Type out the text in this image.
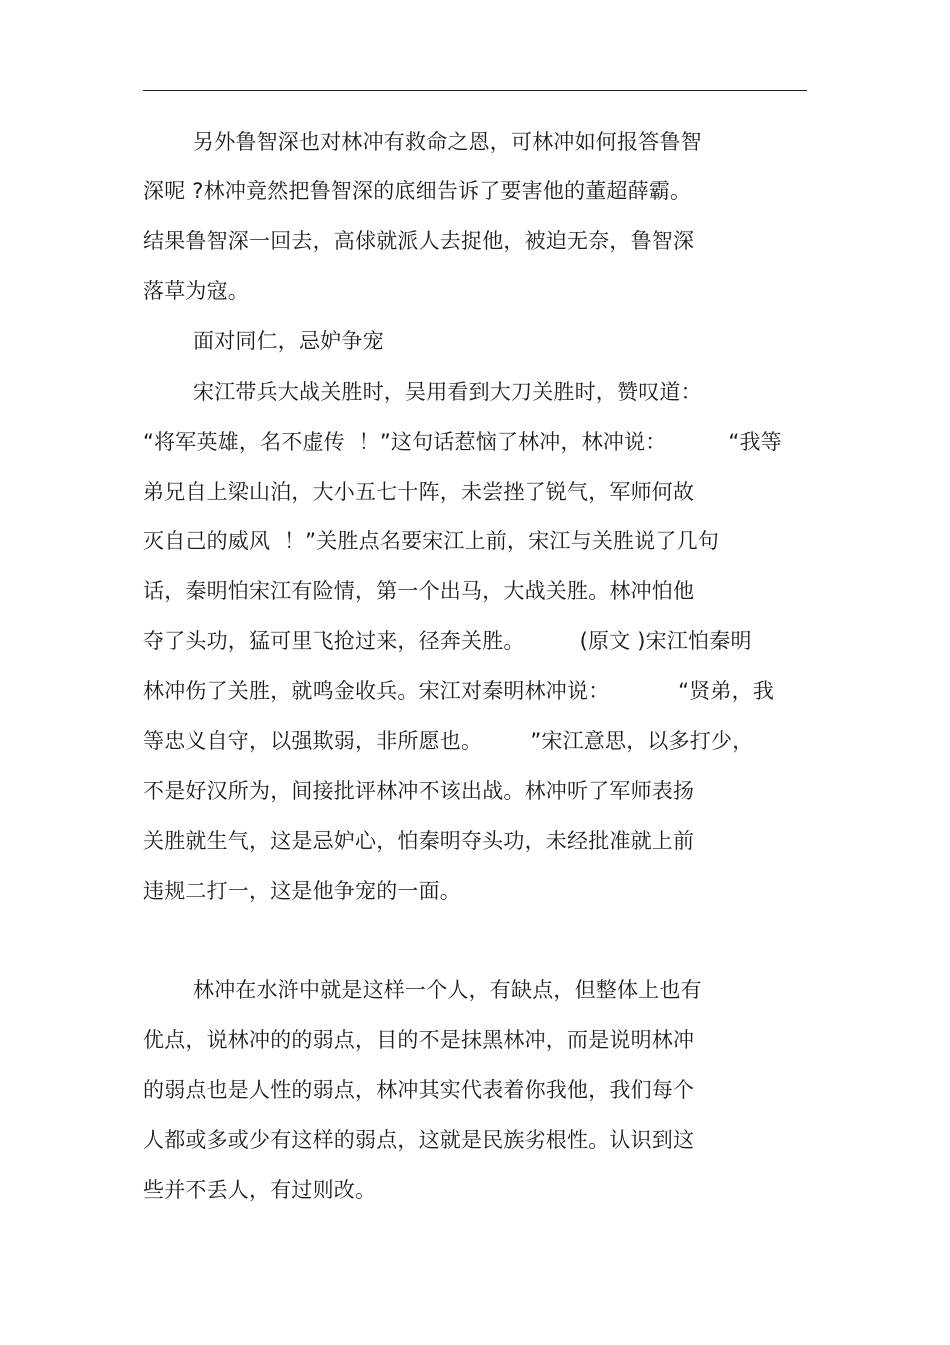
另外鲁智深也对林冲有救命之恩，可林冲如何报答鲁智
深呢 ?林冲竟然把鲁智深的底细告诉了要害他的董超薛霸。
结果鲁智深一回去，高俅就派人去捉他，被迫无奈，鲁智深
落草为寇。
面对同仁，忌妒争宠
宋江带兵大战关胜时，吴用看到大刀关胜时，赞叹道：
“将军英雄，名不虚传  ！”这句话惹恼了林冲，林冲说：         “我等
弟兄自上梁山泊，大小五七十阵，未尝挫了锐气，军师何故
灭自己的威风  ！”关胜点名要宋江上前，宋江与关胜说了几句
话，秦明怕宋江有险情，第一个出马，大战关胜。林冲怕他
夺了头功，猛可里飞抢过来，径奔关胜。        (原文 )宋江怕秦明
林冲伤了关胜，就鸣金收兵。宋江对秦明林冲说：          “贤弟，我
等忠义自守，以强欺弱，非所愿也。       ”宋江意思，以多打少，
不是好汉所为，间接批评林冲不该出战。林冲听了军师表扬
关胜就生气，这是忌妒心，怕秦明夺头功，未经批准就上前
违规二打一，这是他争宠的一面。
林冲在水浒中就是这样一个人，有缺点，但整体上也有
优点，说林冲的的弱点，目的不是抹黑林冲，而是说明林冲
的弱点也是人性的弱点，林冲其实代表着你我他，我们每个
人都或多或少有这样的弱点，这就是民族劣根性。认识到这
些并不丢人，有过则改。
